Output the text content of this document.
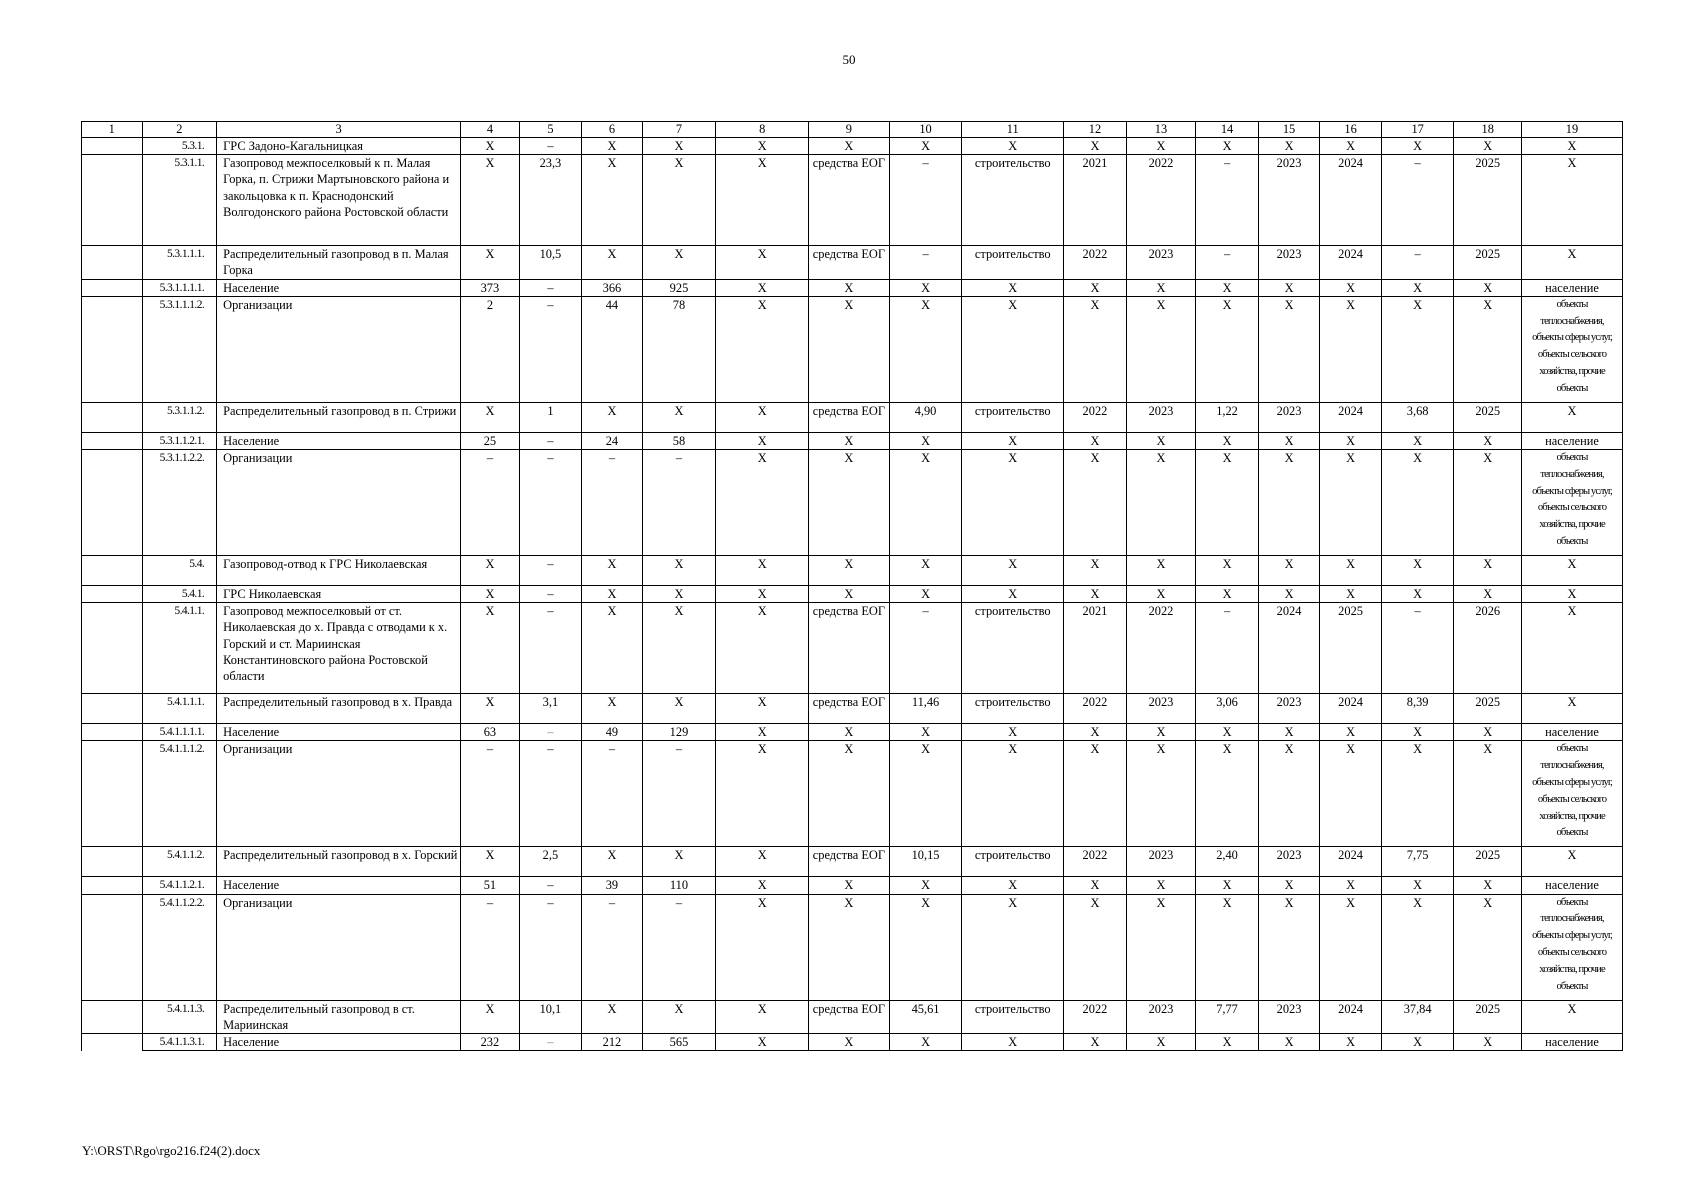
50
1	2	3	4	5	6	7	8	9	10	11	12	13	14	15	16	17	18	19
	5.3.1.	ГРС Задоно-Кагальницкая	Х	–	Х	Х	Х	Х	Х	Х	Х	Х	Х	Х	Х	Х	Х	Х
	5.3.1.1.	Газопровод межпоселковый к п. Малая Горка, п. Стрижи Мартыновского района и закольцовка к п. Краснодонский Волгодонского района Ростовской области	Х	23,3	Х	Х	Х	средства ЕОГ	–	строительство	2021	2022	–	2023	2024	–	2025	Х
	5.3.1.1.1.	Распределительный газопровод в п. Малая Горка	Х	10,5	Х	Х	Х	средства ЕОГ	–	строительство	2022	2023	–	2023	2024	–	2025	Х
	5.3.1.1.1.1.	Население	373	–	366	925	Х	Х	Х	Х	Х	Х	Х	Х	Х	Х	Х	население
	5.3.1.1.1.2.	Организации	2	–	44	78	Х	Х	Х	Х	Х	Х	Х	Х	Х	Х	Х	объекты теплоснабжения, объекты сферы услуг, объекты сельского хозяйства, прочие объекты
	5.3.1.1.2.	Распределительный газопровод в п. Стрижи	Х	1	Х	Х	Х	средства ЕОГ	4,90	строительство	2022	2023	1,22	2023	2024	3,68	2025	Х
	5.3.1.1.2.1.	Население	25	–	24	58	Х	Х	Х	Х	Х	Х	Х	Х	Х	Х	Х	население
	5.3.1.1.2.2.	Организации	–	–	–	–	Х	Х	Х	Х	Х	Х	Х	Х	Х	Х	Х	объекты теплоснабжения, объекты сферы услуг, объекты сельского хозяйства, прочие объекты
	5.4.	Газопровод-отвод к ГРС Николаевская	Х	–	Х	Х	Х	Х	Х	Х	Х	Х	Х	Х	Х	Х	Х	Х
	5.4.1.	ГРС Николаевская	Х	–	Х	Х	Х	Х	Х	Х	Х	Х	Х	Х	Х	Х	Х	Х
	5.4.1.1.	Газопровод межпоселковый от ст. Николаевская до х. Правда с отводами к х. Горский и ст. Мариинская Константиновского района Ростовской области	Х	–	Х	Х	Х	средства ЕОГ	–	строительство	2021	2022	–	2024	2025	–	2026	Х
	5.4.1.1.1.	Распределительный газопровод в х. Правда	Х	3,1	Х	Х	Х	средства ЕОГ	11,46	строительство	2022	2023	3,06	2023	2024	8,39	2025	Х
	5.4.1.1.1.1.	Население	63	–	49	129	Х	Х	Х	Х	Х	Х	Х	Х	Х	Х	Х	население
	5.4.1.1.1.2.	Организации	–	–	–	–	Х	Х	Х	Х	Х	Х	Х	Х	Х	Х	Х	объекты теплоснабжения, объекты сферы услуг, объекты сельского хозяйства, прочие объекты
	5.4.1.1.2.	Распределительный газопровод в х. Горский	Х	2,5	Х	Х	Х	средства ЕОГ	10,15	строительство	2022	2023	2,40	2023	2024	7,75	2025	Х
	5.4.1.1.2.1.	Население	51	–	39	110	Х	Х	Х	Х	Х	Х	Х	Х	Х	Х	Х	население
	5.4.1.1.2.2.	Организации	–	–	–	–	Х	Х	Х	Х	Х	Х	Х	Х	Х	Х	Х	объекты теплоснабжения, объекты сферы услуг, объекты сельского хозяйства, прочие объекты
	5.4.1.1.3.	Распределительный газопровод в ст. Мариинская	Х	10,1	Х	Х	Х	средства ЕОГ	45,61	строительство	2022	2023	7,77	2023	2024	37,84	2025	Х
	5.4.1.1.3.1.	Население	232	–	212	565	Х	Х	Х	Х	Х	Х	Х	Х	Х	Х	Х	население
Y:\ORST\Rgo\rgo216.f24(2).docx
